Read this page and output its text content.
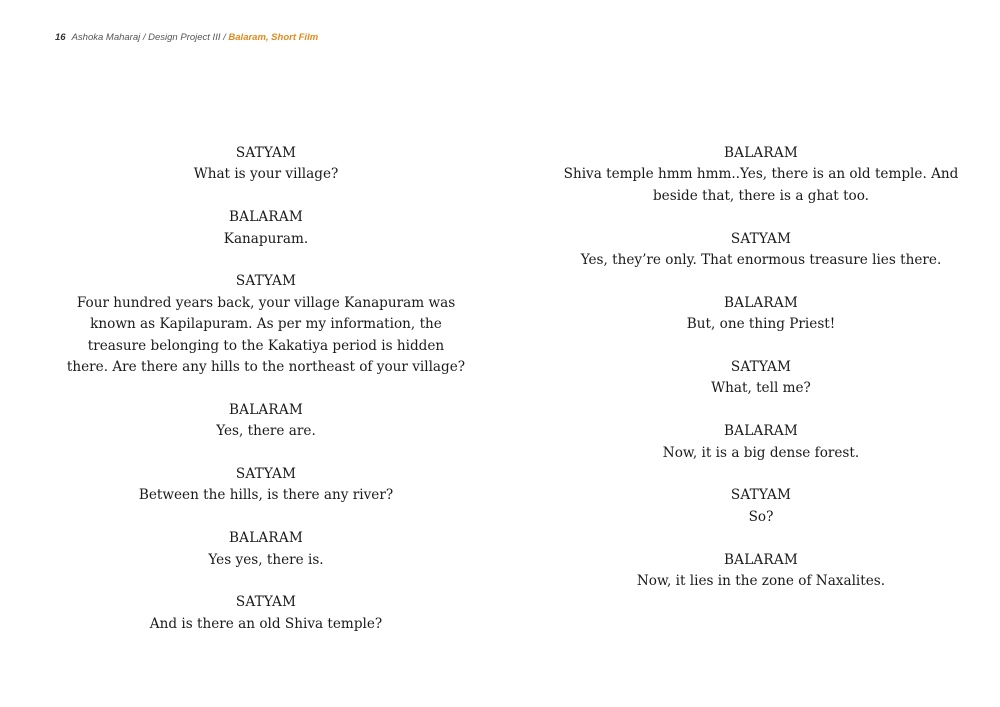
16 Ashoka Maharaj / Design Project III / Balaram, Short Film
SATYAM
What is your village?
BALARAM
Kanapuram.
SATYAM
Four hundred years back, your village Kanapuram was known as Kapilapuram. As per my information, the treasure belonging to the Kakatiya period is hidden there. Are there any hills to the northeast of your village?
BALARAM
Yes, there are.
SATYAM
Between the hills, is there any river?
BALARAM
Yes yes, there is.
SATYAM
And is there an old Shiva temple?
BALARAM
Shiva temple hmm hmm..Yes, there is an old temple. And beside that, there is a ghat too.
SATYAM
Yes, they’re only. That enormous treasure lies there.
BALARAM
But, one thing Priest!
SATYAM
What, tell me?
BALARAM
Now, it is a big dense forest.
SATYAM
So?
BALARAM
Now, it lies in the zone of Naxalites.
